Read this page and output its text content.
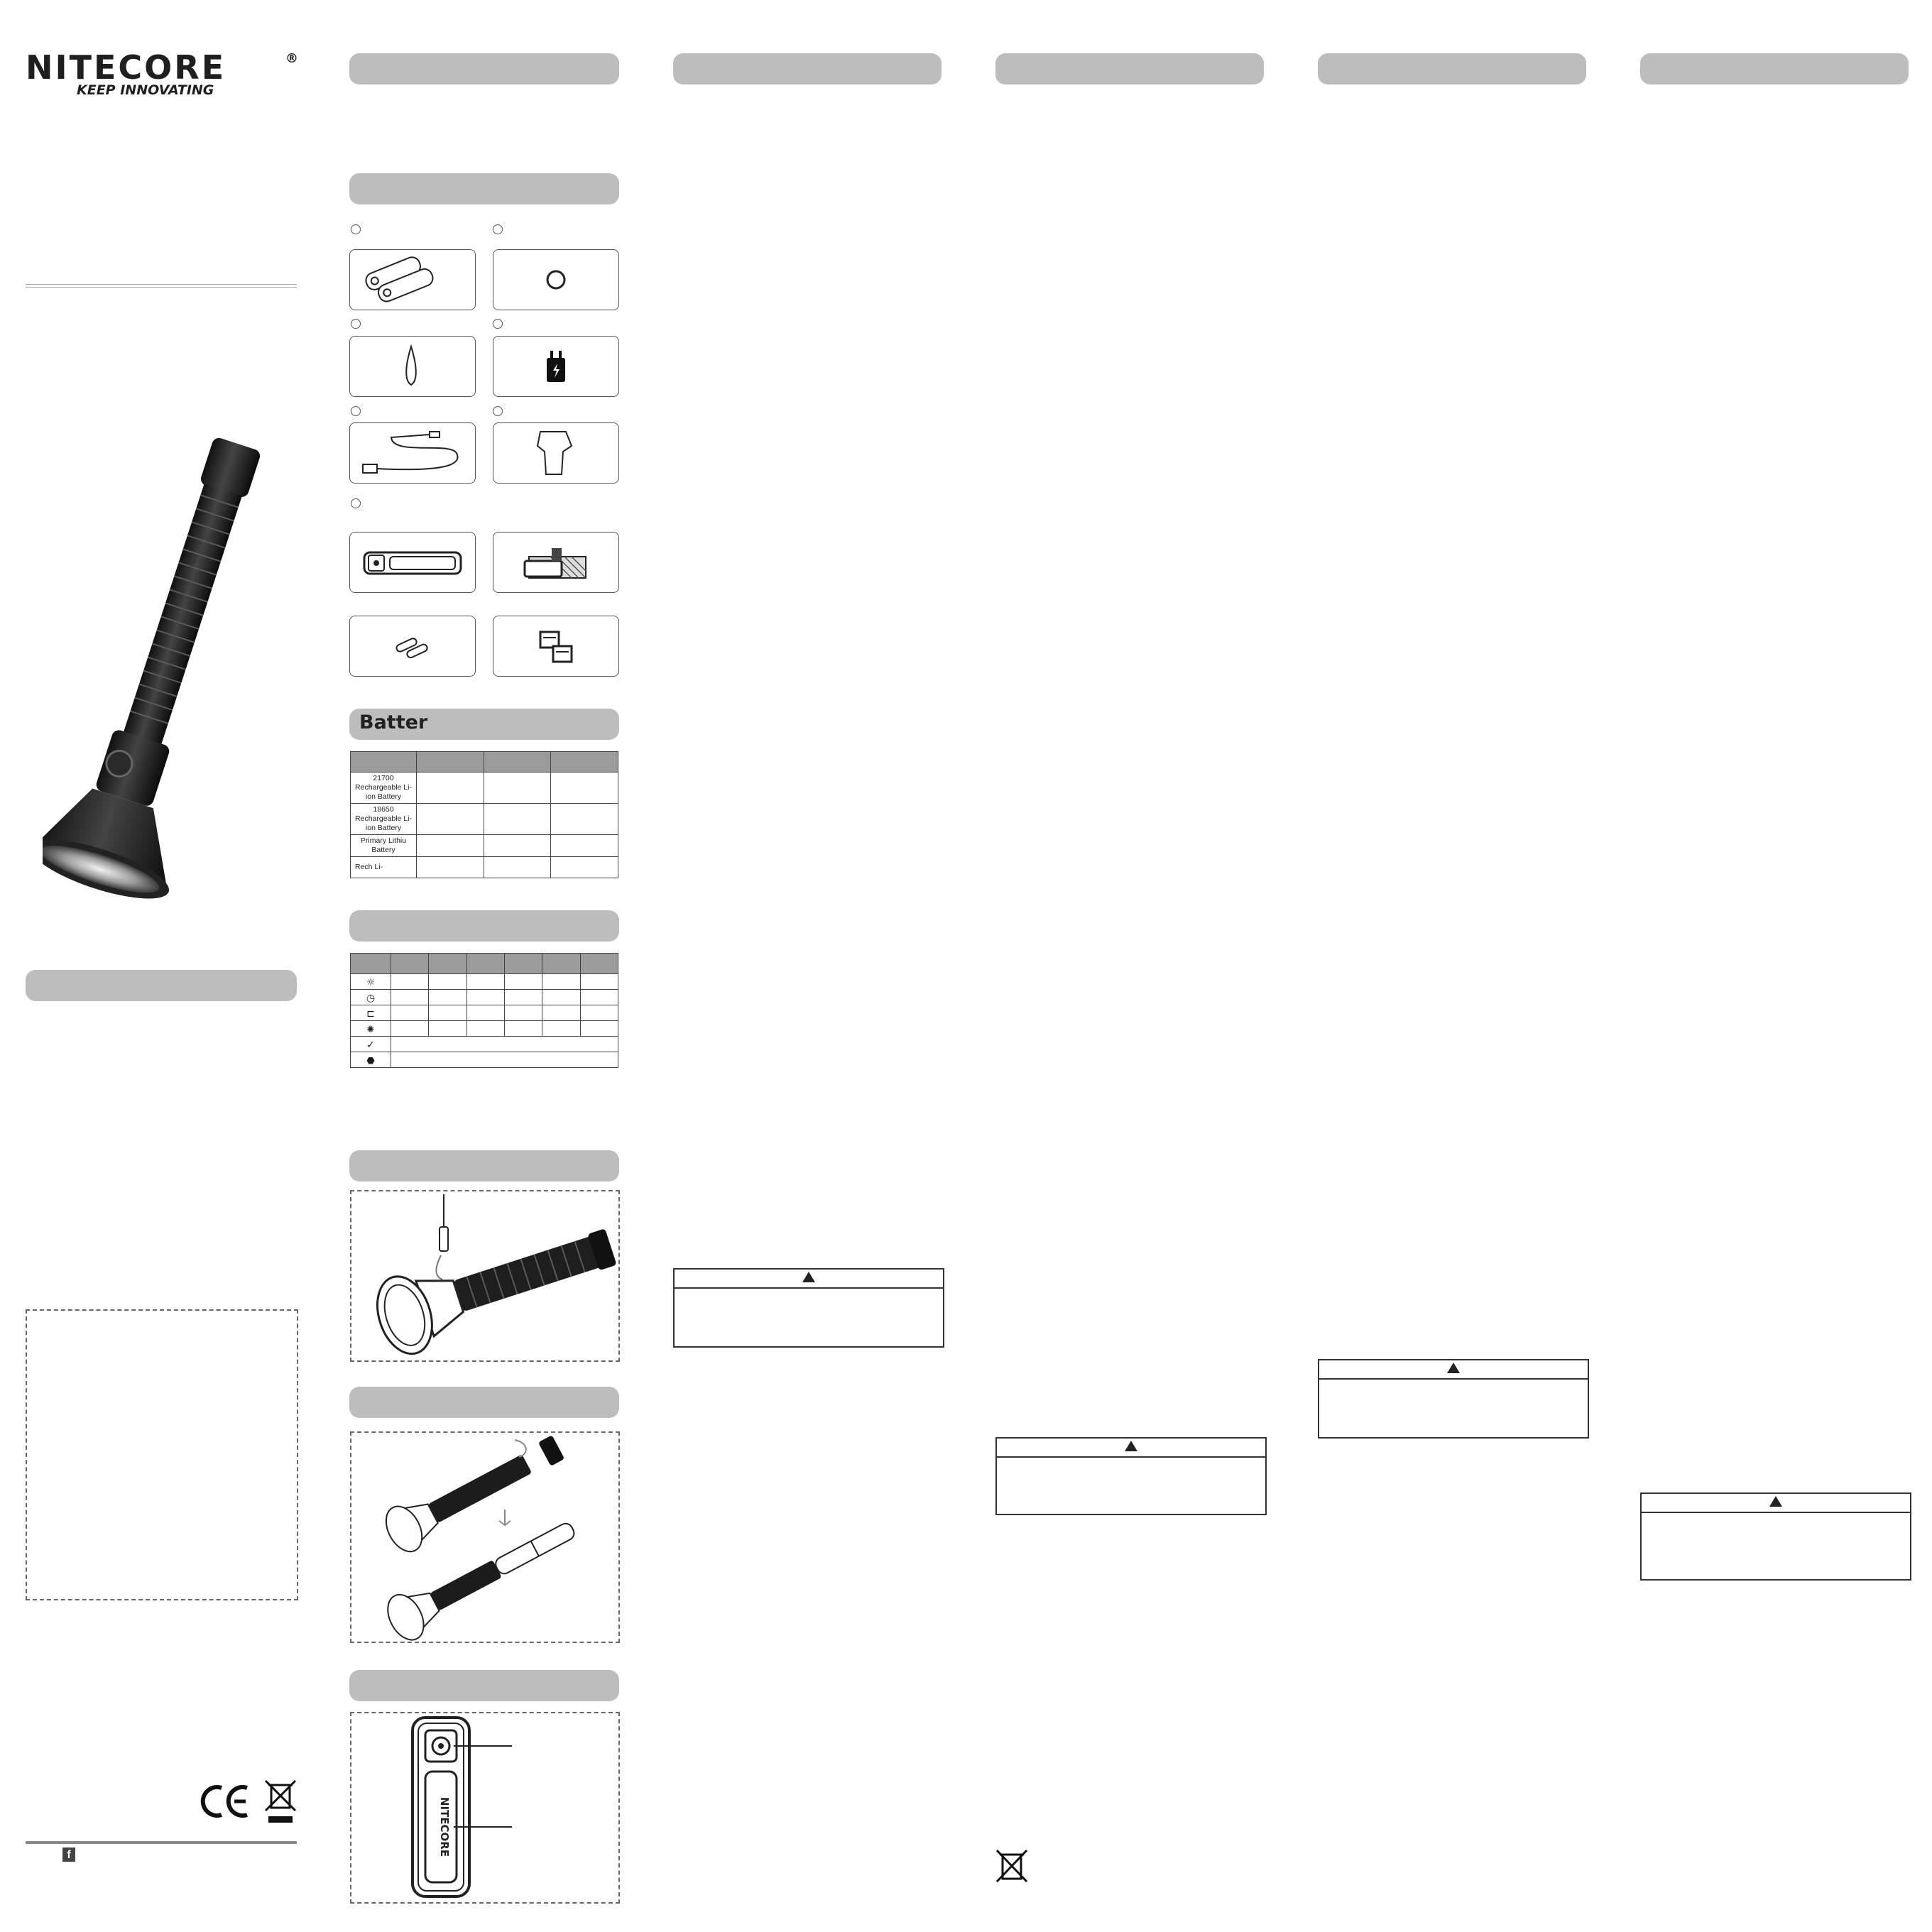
NITECORE	®
KEEP INNOVATING
f
Batter

21700 Rechargeable Li-ion Battery			

18650 Rechargeable Li-ion Battery			

Primary Lithiu Battery			

Rech Li-			

☼						
◷						
⊏						
✺						
✓						
⬣						
NITECORE
